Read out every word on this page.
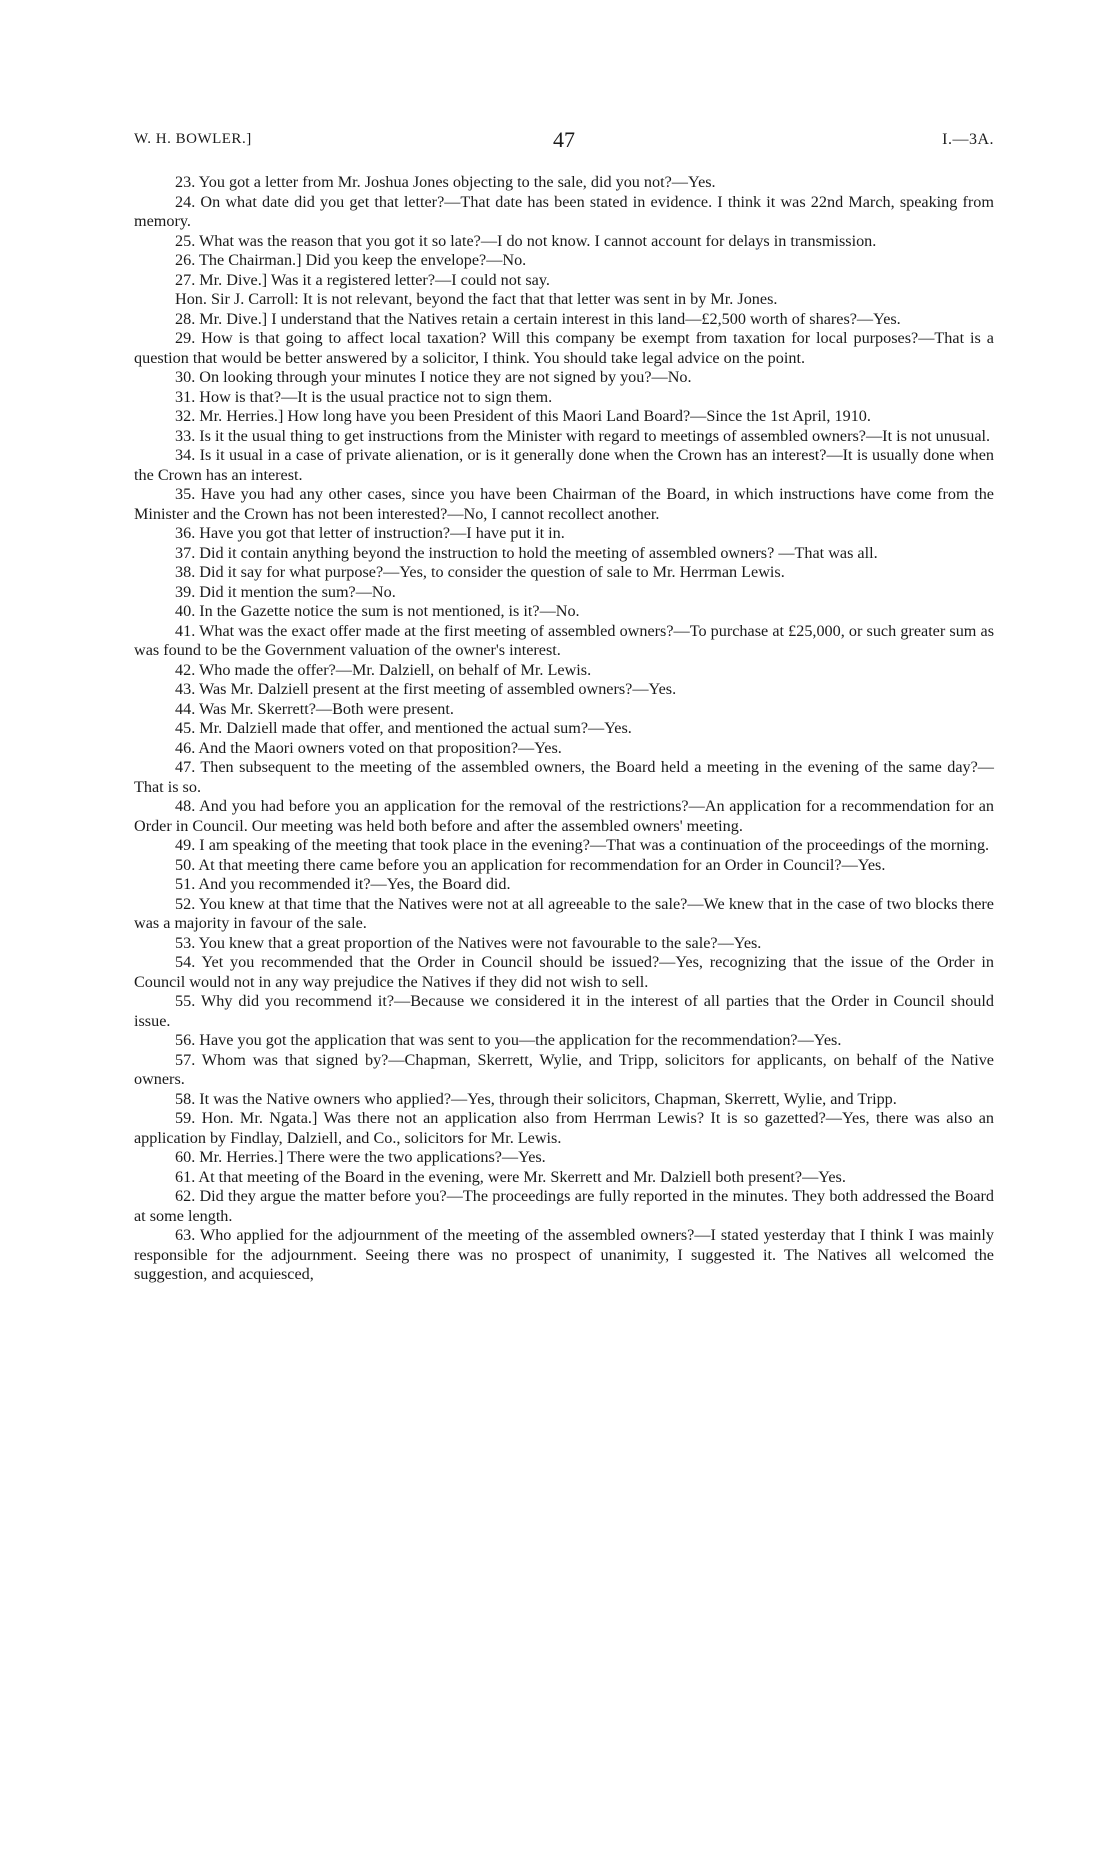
W. H. BOWLER.]	47	I.—3A.

23. You got a letter from Mr. Joshua Jones objecting to the sale, did you not?—Yes.

24. On what date did you get that letter?—That date has been stated in evidence. I think it was 22nd March, speaking from memory.

25. What was the reason that you got it so late?—I do not know. I cannot account for delays in transmission.

26. The Chairman.] Did you keep the envelope?—No.

27. Mr. Dive.] Was it a registered letter?—I could not say.

Hon. Sir J. Carroll: It is not relevant, beyond the fact that that letter was sent in by Mr. Jones.

28. Mr. Dive.] I understand that the Natives retain a certain interest in this land—£2,500 worth of shares?—Yes.

29. How is that going to affect local taxation? Will this company be exempt from taxation for local purposes?—That is a question that would be better answered by a solicitor, I think. You should take legal advice on the point.

30. On looking through your minutes I notice they are not signed by you?—No.

31. How is that?—It is the usual practice not to sign them.

32. Mr. Herries.] How long have you been President of this Maori Land Board?—Since the 1st April, 1910.

33. Is it the usual thing to get instructions from the Minister with regard to meetings of assembled owners?—It is not unusual.

34. Is it usual in a case of private alienation, or is it generally done when the Crown has an interest?—It is usually done when the Crown has an interest.

35. Have you had any other cases, since you have been Chairman of the Board, in which instructions have come from the Minister and the Crown has not been interested?—No, I cannot recollect another.

36. Have you got that letter of instruction?—I have put it in.

37. Did it contain anything beyond the instruction to hold the meeting of assembled owners? —That was all.

38. Did it say for what purpose?—Yes, to consider the question of sale to Mr. Herrman Lewis.

39. Did it mention the sum?—No.

40. In the Gazette notice the sum is not mentioned, is it?—No.

41. What was the exact offer made at the first meeting of assembled owners?—To purchase at £25,000, or such greater sum as was found to be the Government valuation of the owner's interest.

42. Who made the offer?—Mr. Dalziell, on behalf of Mr. Lewis.

43. Was Mr. Dalziell present at the first meeting of assembled owners?—Yes.

44. Was Mr. Skerrett?—Both were present.

45. Mr. Dalziell made that offer, and mentioned the actual sum?—Yes.

46. And the Maori owners voted on that proposition?—Yes.

47. Then subsequent to the meeting of the assembled owners, the Board held a meeting in the evening of the same day?—That is so.

48. And you had before you an application for the removal of the restrictions?—An application for a recommendation for an Order in Council. Our meeting was held both before and after the assembled owners' meeting.

49. I am speaking of the meeting that took place in the evening?—That was a continuation of the proceedings of the morning.

50. At that meeting there came before you an application for recommendation for an Order in Council?—Yes.

51. And you recommended it?—Yes, the Board did.

52. You knew at that time that the Natives were not at all agreeable to the sale?—We knew that in the case of two blocks there was a majority in favour of the sale.

53. You knew that a great proportion of the Natives were not favourable to the sale?—Yes.

54. Yet you recommended that the Order in Council should be issued?—Yes, recognizing that the issue of the Order in Council would not in any way prejudice the Natives if they did not wish to sell.

55. Why did you recommend it?—Because we considered it in the interest of all parties that the Order in Council should issue.

56. Have you got the application that was sent to you—the application for the recommendation?—Yes.

57. Whom was that signed by?—Chapman, Skerrett, Wylie, and Tripp, solicitors for applicants, on behalf of the Native owners.

58. It was the Native owners who applied?—Yes, through their solicitors, Chapman, Skerrett, Wylie, and Tripp.

59. Hon. Mr. Ngata.] Was there not an application also from Herrman Lewis? It is so gazetted?—Yes, there was also an application by Findlay, Dalziell, and Co., solicitors for Mr. Lewis.

60. Mr. Herries.] There were the two applications?—Yes.

61. At that meeting of the Board in the evening, were Mr. Skerrett and Mr. Dalziell both present?—Yes.

62. Did they argue the matter before you?—The proceedings are fully reported in the minutes. They both addressed the Board at some length.

63. Who applied for the adjournment of the meeting of the assembled owners?—I stated yesterday that I think I was mainly responsible for the adjournment. Seeing there was no prospect of unanimity, I suggested it. The Natives all welcomed the suggestion, and acquiesced,
